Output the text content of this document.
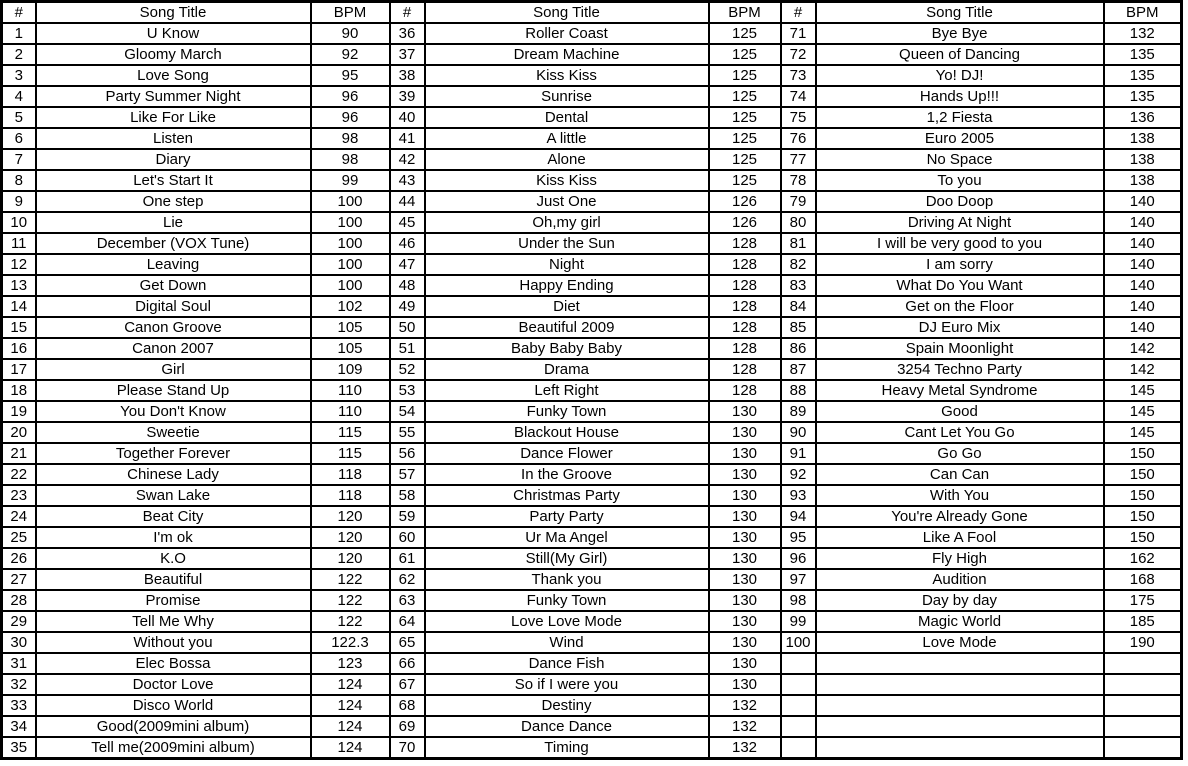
#	Song Title	BPM	#	Song Title	BPM	#	Song Title	BPM
1	U Know	90	36	Roller Coast	125	71	Bye Bye	132
2	Gloomy March	92	37	Dream Machine	125	72	Queen of Dancing	135
3	Love Song	95	38	Kiss Kiss	125	73	Yo! DJ!	135
4	Party Summer Night	96	39	Sunrise	125	74	Hands Up!!!	135
5	Like For Like	96	40	Dental	125	75	1,2 Fiesta	136
6	Listen	98	41	A little	125	76	Euro 2005	138
7	Diary	98	42	Alone	125	77	No Space	138
8	Let's Start It	99	43	Kiss Kiss	125	78	To you	138
9	One step	100	44	Just One	126	79	Doo Doop	140
10	Lie	100	45	Oh,my girl	126	80	Driving At Night	140
11	December (VOX Tune)	100	46	Under the Sun	128	81	I will be very good to you	140
12	Leaving	100	47	Night	128	82	I am sorry	140
13	Get Down	100	48	Happy Ending	128	83	What Do You Want	140
14	Digital Soul	102	49	Diet	128	84	Get on the Floor	140
15	Canon Groove	105	50	Beautiful 2009	128	85	DJ Euro Mix	140
16	Canon 2007	105	51	Baby Baby Baby	128	86	Spain Moonlight	142
17	Girl	109	52	Drama	128	87	3254 Techno Party	142
18	Please Stand Up	110	53	Left Right	128	88	Heavy Metal Syndrome	145
19	You Don't Know	110	54	Funky Town	130	89	Good	145
20	Sweetie	115	55	Blackout House	130	90	Cant Let You Go	145
21	Together Forever	115	56	Dance Flower	130	91	Go Go	150
22	Chinese Lady	118	57	In the Groove	130	92	Can Can	150
23	Swan Lake	118	58	Christmas Party	130	93	With You	150
24	Beat City	120	59	Party Party	130	94	You're Already Gone	150
25	I'm ok	120	60	Ur Ma Angel	130	95	Like A Fool	150
26	K.O	120	61	Still(My Girl)	130	96	Fly High	162
27	Beautiful	122	62	Thank you	130	97	Audition	168
28	Promise	122	63	Funky Town	130	98	Day by day	175
29	Tell Me Why	122	64	Love Love Mode	130	99	Magic World	185
30	Without you	122.3	65	Wind	130	100	Love Mode	190
31	Elec Bossa	123	66	Dance Fish	130			
32	Doctor Love	124	67	So if I were you	130			
33	Disco World	124	68	Destiny	132			
34	Good(2009mini album)	124	69	Dance Dance	132			
35	Tell me(2009mini album)	124	70	Timing	132			
